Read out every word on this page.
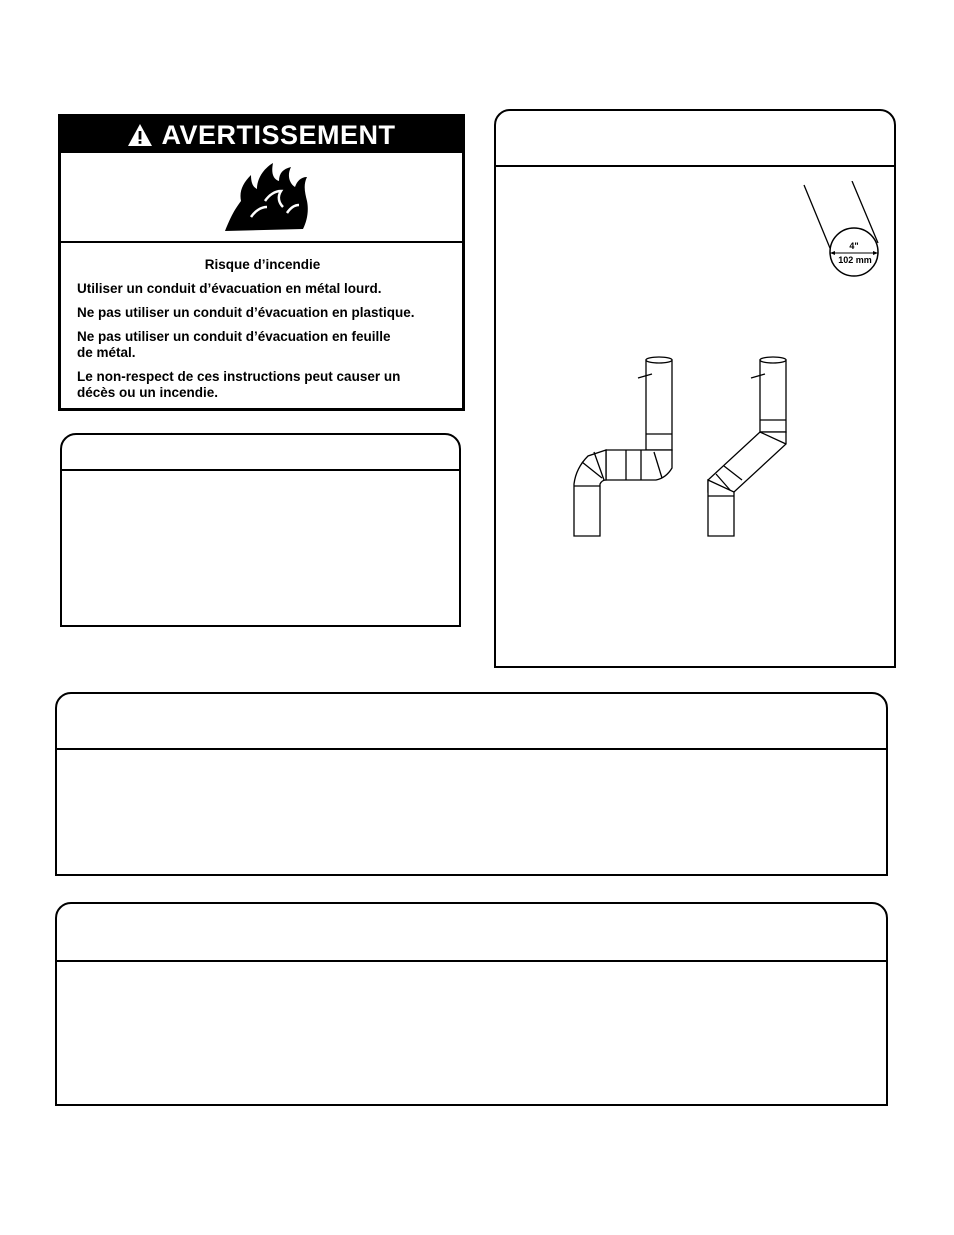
AVERTISSEMENT
Risque d’incendie

Utiliser un conduit d’évacuation en métal lourd.

Ne pas utiliser un conduit d’évacuation en plastique.

Ne pas utiliser un conduit d’évacuation en feuille de métal.

Le non-respect de ces instructions peut causer un décès ou un incendie.

4"
102 mm
